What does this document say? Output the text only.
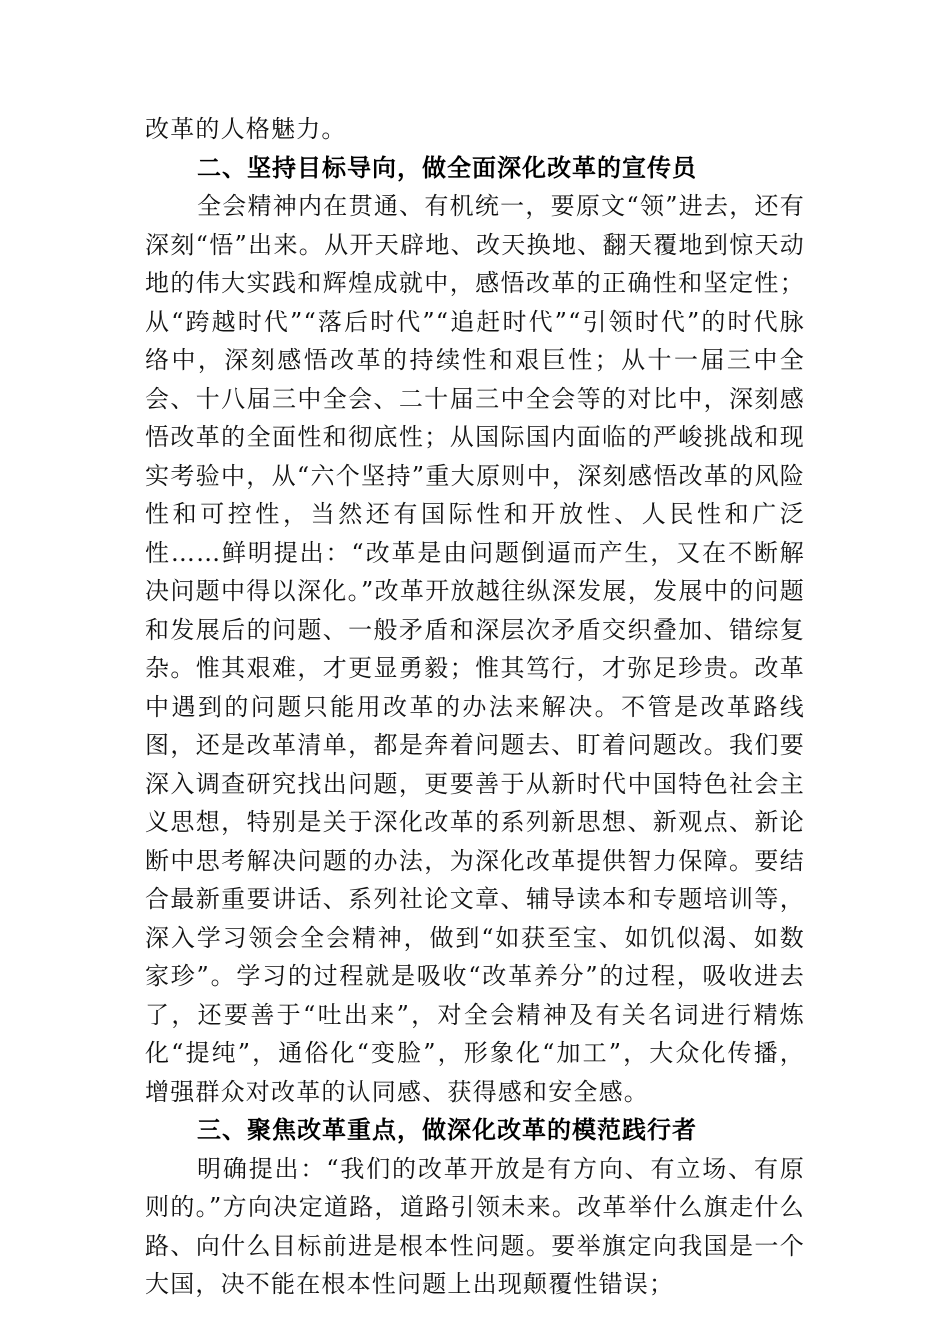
改革的人格魅力。

二、坚持目标导向，做全面深化改革的宣传员

全会精神内在贯通、有机统一，要原文“领”进去，还有深刻“悟”出来。从开天辟地、改天换地、翻天覆地到惊天动地的伟大实践和辉煌成就中，感悟改革的正确性和坚定性；从“跨越时代”“落后时代”“追赶时代”“引领时代”的时代脉络中，深刻感悟改革的持续性和艰巨性；从十一届三中全会、十八届三中全会、二十届三中全会等的对比中，深刻感悟改革的全面性和彻底性；从国际国内面临的严峻挑战和现实考验中，从“六个坚持”重大原则中，深刻感悟改革的风险性和可控性，当然还有国际性和开放性、人民性和广泛性……鲜明提出：“改革是由问题倒逼而产生，又在不断解决问题中得以深化。”改革开放越往纵深发展，发展中的问题和发展后的问题、一般矛盾和深层次矛盾交织叠加、错综复杂。惟其艰难，才更显勇毅；惟其笃行，才弥足珍贵。改革中遇到的问题只能用改革的办法来解决。不管是改革路线图，还是改革清单，都是奔着问题去、盯着问题改。我们要深入调查研究找出问题，更要善于从新时代中国特色社会主义思想，特别是关于深化改革的系列新思想、新观点、新论断中思考解决问题的办法，为深化改革提供智力保障。要结合最新重要讲话、系列社论文章、辅导读本和专题培训等，深入学习领会全会精神，做到“如获至宝、如饥似渴、如数家珍”。学习的过程就是吸收“改革养分”的过程，吸收进去了，还要善于“吐出来”，对全会精神及有关名词进行精炼化“提纯”，通俗化“变脸”，形象化“加工”，大众化传播，增强群众对改革的认同感、获得感和安全感。

三、聚焦改革重点，做深化改革的模范践行者

明确提出：“我们的改革开放是有方向、有立场、有原则的。”方向决定道路，道路引领未来。改革举什么旗走什么路、向什么目标前进是根本性问题。要举旗定向我国是一个大国，决不能在根本性问题上出现颠覆性错误；
